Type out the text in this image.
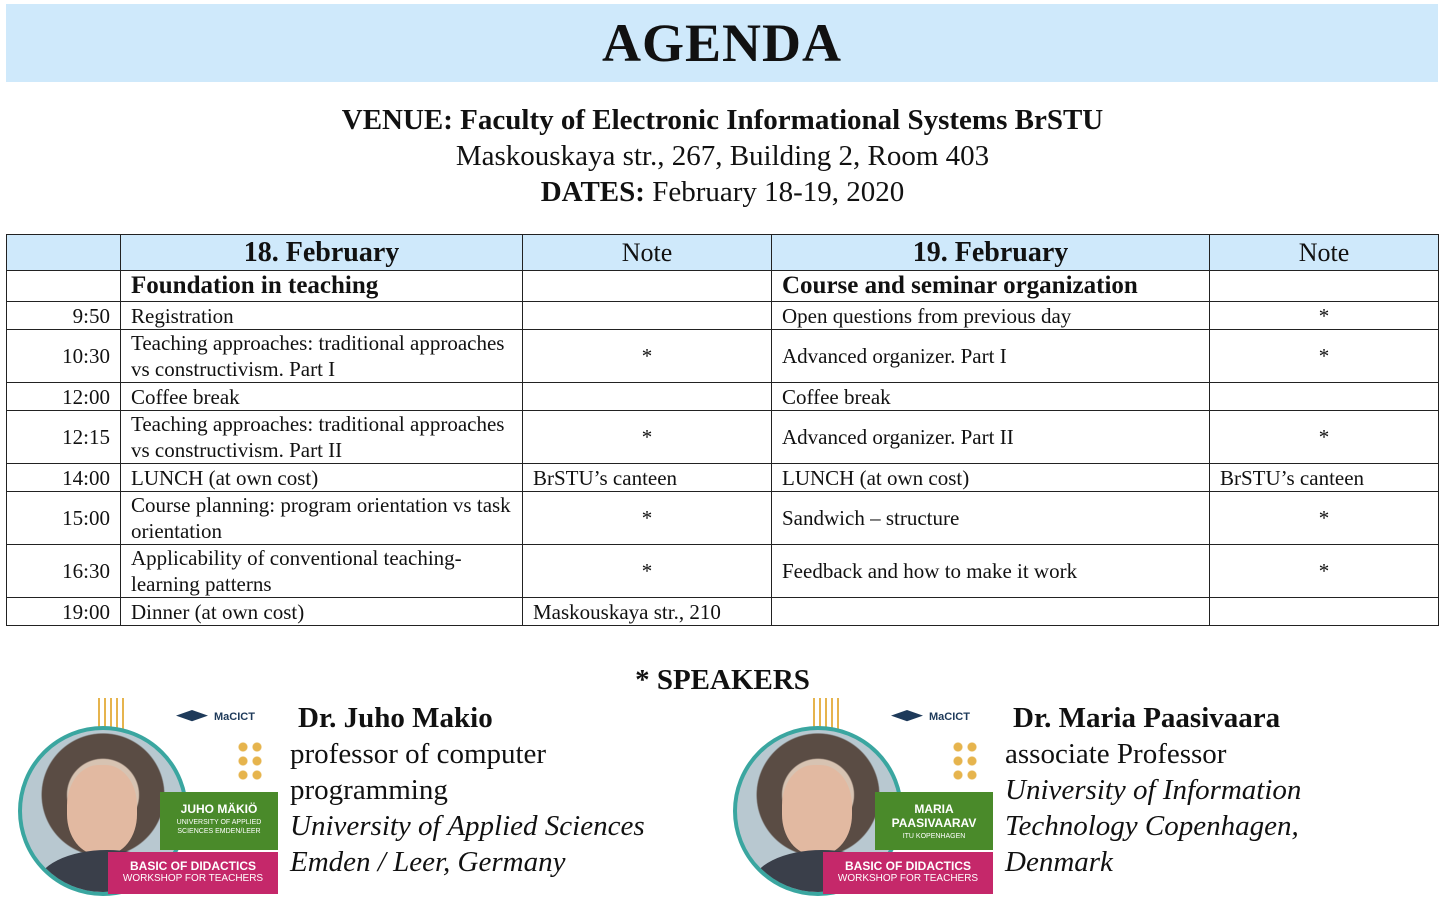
AGENDA
VENUE: Faculty of Electronic Informational Systems BrSTU
Maskouskaya str., 267, Building 2, Room 403
DATES: February 18-19, 2020
	18. February	Note	19. February	Note
	Foundation in teaching		Course and seminar organization	
9:50	Registration		Open questions from previous day	*
10:30	Teaching approaches: traditional approaches vs constructivism. Part I	*	Advanced organizer. Part I	*
12:00	Coffee break		Coffee break	
12:15	Teaching approaches: traditional approaches vs constructivism. Part II	*	Advanced organizer. Part II	*
14:00	LUNCH (at own cost)	BrSTU’s canteen	LUNCH (at own cost)	BrSTU’s canteen
15:00	Course planning: program orientation vs task orientation	*	Sandwich – structure	*
16:30	Applicability of conventional teaching-learning patterns	*	Feedback and how to make it work	*
19:00	Dinner (at own cost)	Maskouskaya str., 210		
* SPEAKERS
MaCICT
JUHO MÄKIÖ
UNIVERSITY OF APPLIED SCIENCES EMDEN/LEER
BASIC OF DIDACTICS
WORKSHOP FOR TEACHERS
Dr. Juho Makio
professor of computer
programming
University of Applied Sciences
Emden / Leer, Germany
MaCICT
MARIA PAASIVAARAV
ITU KOPENHAGEN
BASIC OF DIDACTICS
WORKSHOP FOR TEACHERS
Dr. Maria Paasivaara
associate Professor
University of Information
Technology Copenhagen,
Denmark
